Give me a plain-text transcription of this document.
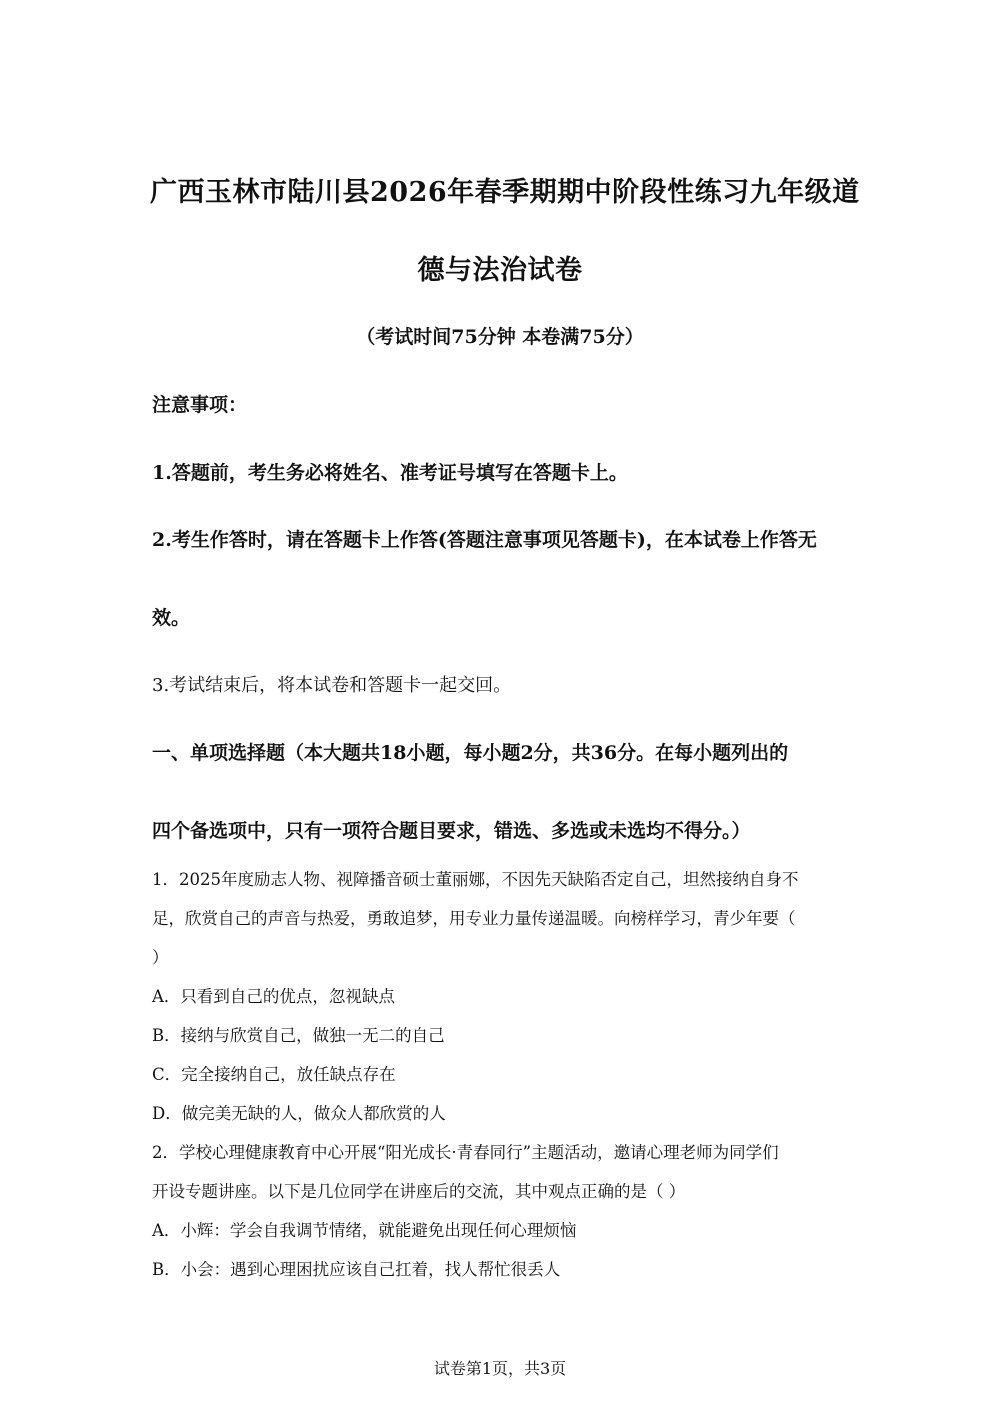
广西玉林市陆川县2026年春季期期中阶段性练习九年级道
德与法治试卷

（考试时间75分钟 本卷满75分）

注意事项：

1.答题前，考生务必将姓名、准考证号填写在答题卡上。

2.考生作答时，请在答题卡上作答(答题注意事项见答题卡)，在本试卷上作答无

效。

3.考试结束后，将本试卷和答题卡一起交回。

一、单项选择题（本大题共18小题，每小题2分，共36分。在每小题列出的

四个备选项中，只有一项符合题目要求，错选、多选或未选均不得分。）

1．2025年度励志人物、视障播音硕士董丽娜，不因先天缺陷否定自己，坦然接纳自身不

足，欣赏自己的声音与热爱，勇敢追梦，用专业力量传递温暖。向榜样学习，青少年要（

）

A．只看到自己的优点，忽视缺点

B．接纳与欣赏自己，做独一无二的自己

C．完全接纳自己，放任缺点存在

D．做完美无缺的人，做众人都欣赏的人

2．学校心理健康教育中心开展“阳光成长·青春同行”主题活动，邀请心理老师为同学们

开设专题讲座。以下是几位同学在讲座后的交流，其中观点正确的是（ ）

A．小辉：学会自我调节情绪，就能避免出现任何心理烦恼

B．小会：遇到心理困扰应该自己扛着，找人帮忙很丢人

试卷第1页，共3页
